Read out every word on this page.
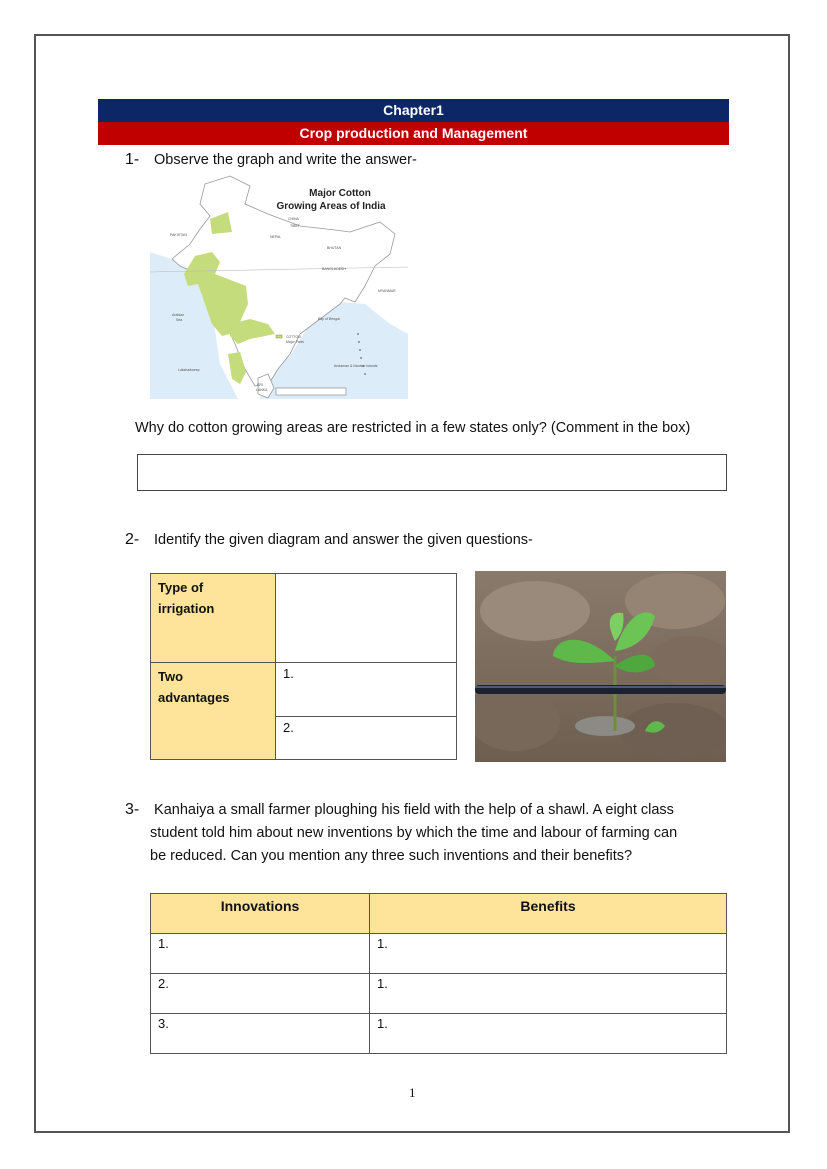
Chapter1
Crop production and Management
1- Observe the graph and write the answer-
Major Cotton
Growing Areas of India
CHINA
TIBET
NEPAL
BHUTAN
BANGLADESH
MYANMAR
PAKISTAN
Arabian
Sea	Bay of Bengal
Lakshadweep
SRI
LANKA
Andaman & Nicobar Islands
COTTON
Major Parts
Why do cotton growing areas are restricted in a few states only? (Comment in the box)
2- Identify the given diagram and answer the given questions-
Type of
irrigation	

Two
advantages	1.
	2.
3- Kanhaiya a small farmer ploughing his field with the help of a shawl. A eight class
student told him about new inventions by which the time and labour of farming can
be reduced. Can you mention any three such inventions and their benefits?
Innovations	Benefits
1.	1.
2.	1.
3.	1.
1
